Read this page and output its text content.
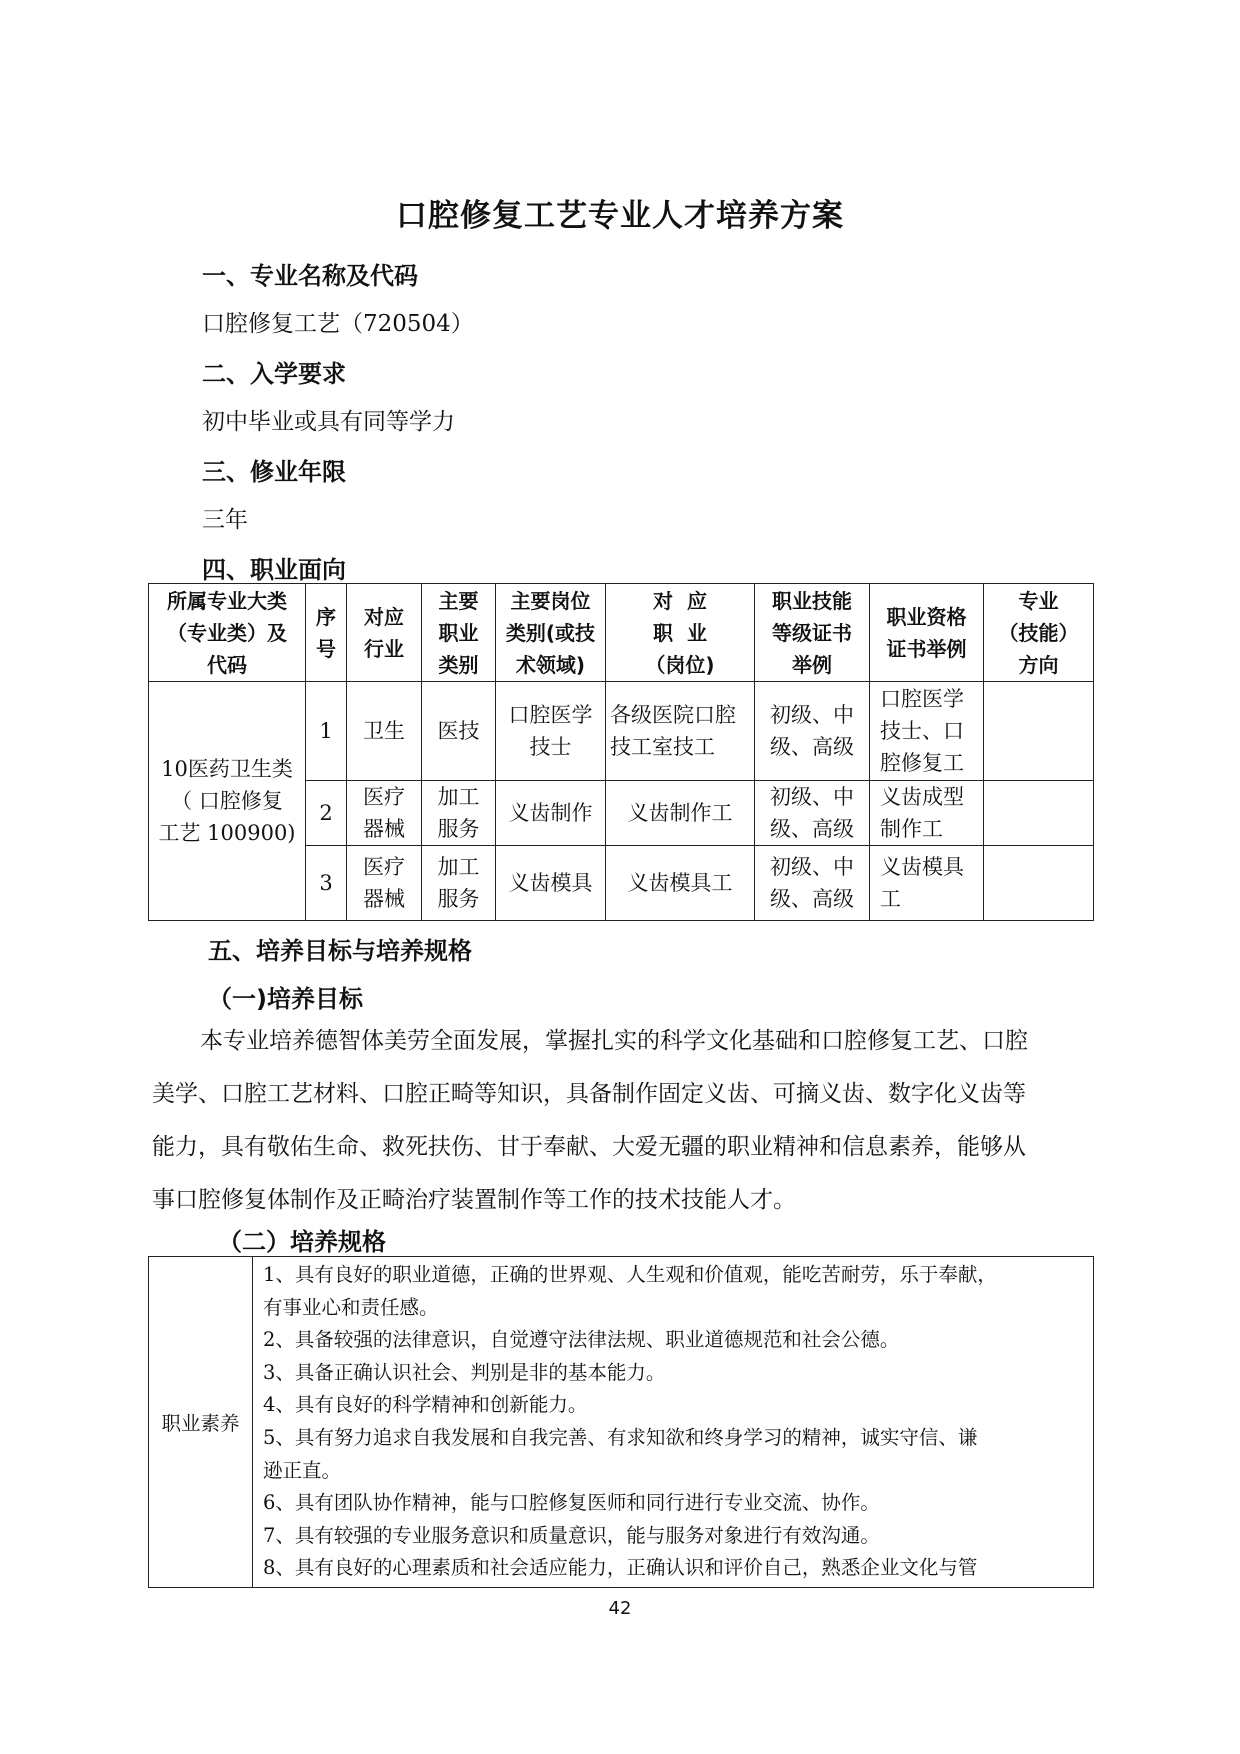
口腔修复工艺专业人才培养方案
一、专业名称及代码
口腔修复工艺（720504）
二、入学要求
初中毕业或具有同等学力
三、修业年限
三年
四、职业面向
所属专业大类
（专业类）及
代码	序
号	对应
行业	主要
职业
类别	主要岗位
类别(或技
术领域)	对  应
职  业
（岗位)	职业技能
等级证书
举例	职业资格
证书举例	专业
（技能）
方向

10医药卫生类
（ 口腔修复
工艺 100900)	1	卫生	医技	口腔医学
技士	各级医院口腔
技工室技工	初级、中
级、高级	口腔医学
技士、口
腔修复工	

	2	医疗
器械	加工
服务	义齿制作	义齿制作工	初级、中
级、高级	义齿成型
制作工	

	3	医疗
器械	加工
服务	义齿模具	义齿模具工	初级、中
级、高级	义齿模具
工	

五、培养目标与培养规格
（一)培养目标
本专业培养德智体美劳全面发展，掌握扎实的科学文化基础和口腔修复工艺、口腔
美学、口腔工艺材料、口腔正畸等知识，具备制作固定义齿、可摘义齿、数字化义齿等
能力，具有敬佑生命、救死扶伤、甘于奉献、大爱无疆的职业精神和信息素养，能够从
事口腔修复体制作及正畸治疗装置制作等工作的技术技能人才。
（二）培养规格
职业素养	
1、具有良好的职业道德，正确的世界观、人生观和价值观，能吃苦耐劳，乐于奉献，
有事业心和责任感。
2、具备较强的法律意识，自觉遵守法律法规、职业道德规范和社会公德。
3、具备正确认识社会、判别是非的基本能力。
4、具有良好的科学精神和创新能力。
5、具有努力追求自我发展和自我完善、有求知欲和终身学习的精神，诚实守信、谦
逊正直。
6、具有团队协作精神，能与口腔修复医师和同行进行专业交流、协作。
7、具有较强的专业服务意识和质量意识，能与服务对象进行有效沟通。
8、具有良好的心理素质和社会适应能力，正确认识和评价自己，熟悉企业文化与管
42
